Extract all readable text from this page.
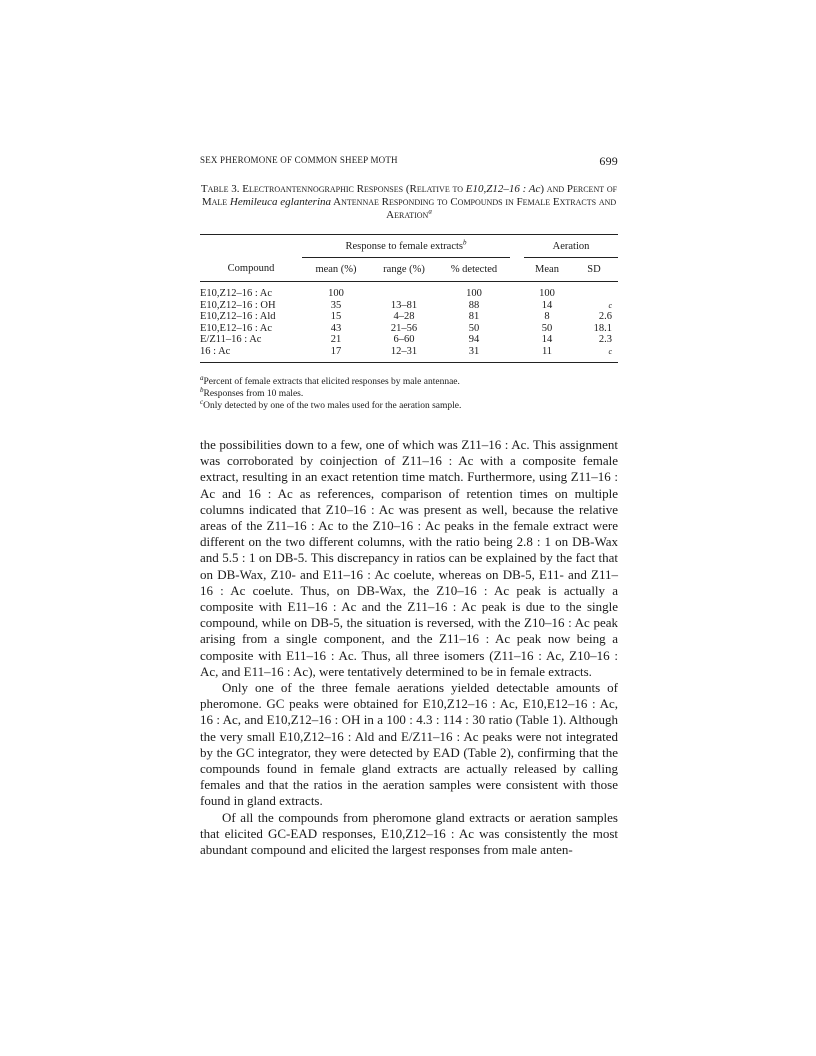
SEX PHEROMONE OF COMMON SHEEP MOTH	699
Table 3. Electroantennographic Responses (Relative to E10,Z12–16 : Ac) and Percent of Male Hemileuca eglanterina Antennae Responding to Compounds in Female Extracts and Aeration$^a$
	Response to female extracts$^b$				Aeration	
Compound	mean (%)	range (%)	% detected		Mean	SD
E10,Z12–16 : Ac	100		100		100	
E10,Z12–16 : OH	35	13–81	88		14	c
E10,Z12–16 : Ald	15	4–28	81		8	2.6
E10,E12–16 : Ac	43	21–56	50		50	18.1
E/Z11–16 : Ac	21	6–60	94		14	2.3
16 : Ac	17	12–31	31		11	c
$^a$Percent of female extracts that elicited responses by male antennae.
$^b$Responses from 10 males.
$^c$Only detected by one of the two males used for the aeration sample.

the possibilities down to a few, one of which was Z11–16 : Ac. This assignment was corroborated by coinjection of Z11–16 : Ac with a composite female extract, resulting in an exact retention time match. Furthermore, using Z11–16 : Ac and 16 : Ac as references, comparison of retention times on multiple columns indicated that Z10–16 : Ac was present as well, because the relative areas of the Z11–16 : Ac to the Z10–16 : Ac peaks in the female extract were different on the two different columns, with the ratio being 2.8 : 1 on DB-Wax and 5.5 : 1 on DB-5. This discrepancy in ratios can be explained by the fact that on DB-Wax, Z10- and E11–16 : Ac coelute, whereas on DB-5, E11- and Z11–16 : Ac coelute. Thus, on DB-Wax, the Z10–16 : Ac peak is actually a composite with E11–16 : Ac and the Z11–16 : Ac peak is due to the single compound, while on DB-5, the situation is reversed, with the Z10–16 : Ac peak arising from a single component, and the Z11–16 : Ac peak now being a composite with E11–16 : Ac. Thus, all three isomers (Z11–16 : Ac, Z10–16 : Ac, and E11–16 : Ac), were tentatively determined to be in female extracts.

Only one of the three female aerations yielded detectable amounts of pheromone. GC peaks were obtained for E10,Z12–16 : Ac, E10,E12–16 : Ac, 16 : Ac, and E10,Z12–16 : OH in a 100 : 4.3 : 114 : 30 ratio (Table 1). Although the very small E10,Z12–16 : Ald and E/Z11–16 : Ac peaks were not integrated by the GC integrator, they were detected by EAD (Table 2), confirming that the compounds found in female gland extracts are actually released by calling females and that the ratios in the aeration samples were consistent with those found in gland extracts.

Of all the compounds from pheromone gland extracts or aeration samples that elicited GC-EAD responses, E10,Z12–16 : Ac was consistently the most abundant compound and elicited the largest responses from male anten-
